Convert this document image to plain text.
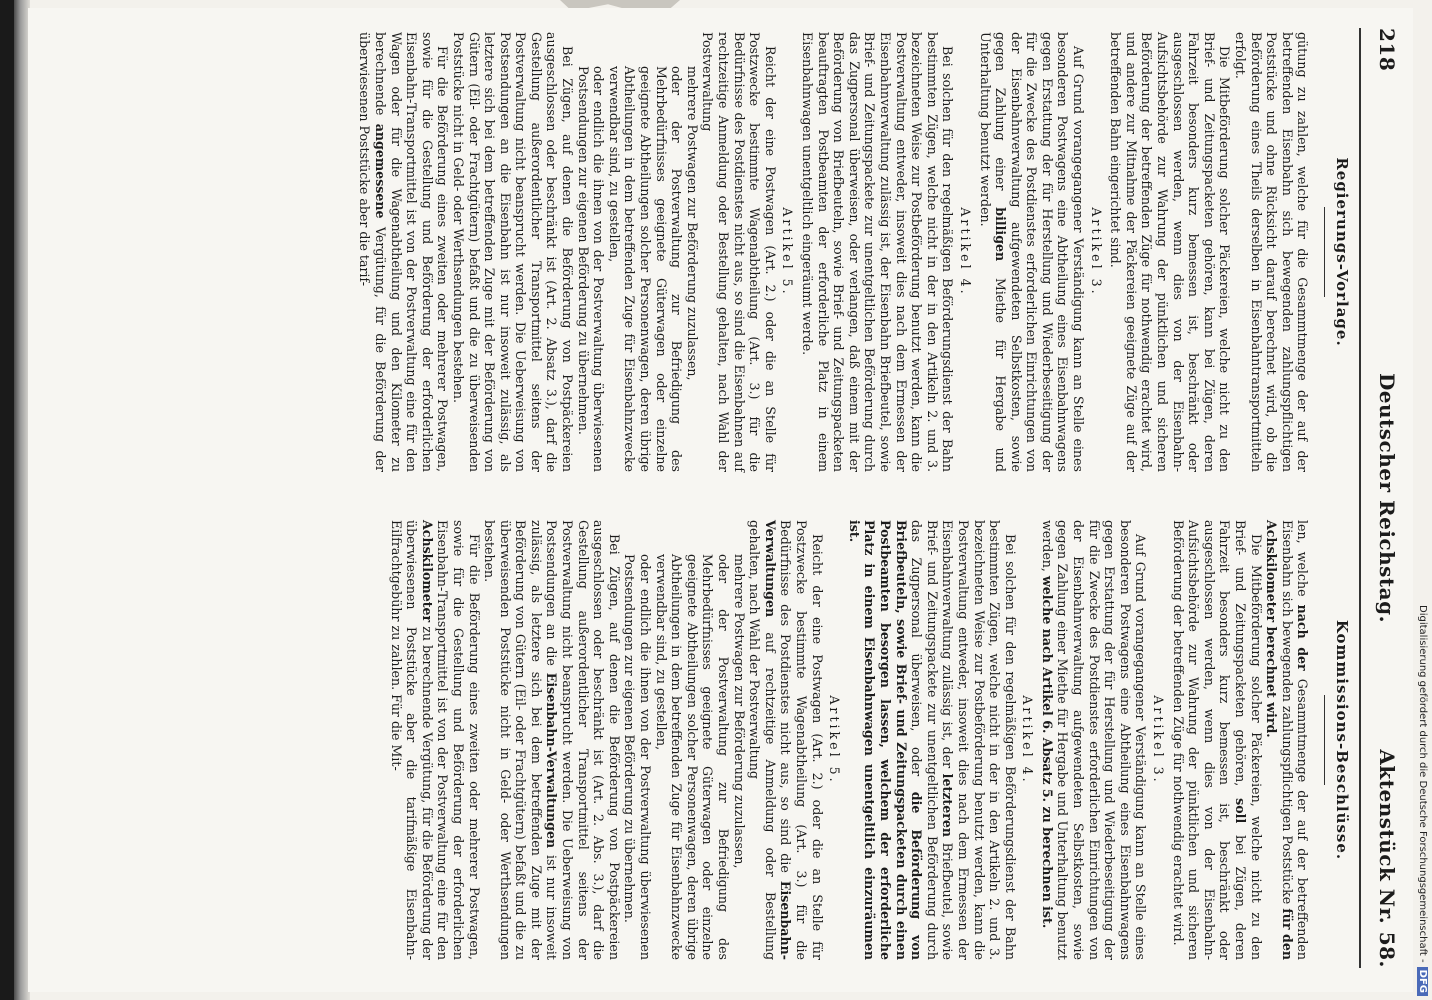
218
Deutscher Reichstag.
Aktenstück Nr. 58.
Regierungs-Vorlage.

gütung zu zahlen, welche für die Gesammtmenge der auf der betreffenden Eisenbahn sich bewegenden zahlungspflichtigen Poststücke und ohne Rücksicht darauf berechnet wird, ob die Beförderung eines Theils derselben in Eisenbahntransportmitteln erfolgt.

Die Mitbeförderung solcher Päckereien, welche nicht zu den Brief- und Zeitungspacketen gehören, kann bei Zügen, deren Fahrzeit besonders kurz bemessen ist, beschränkt oder ausgeschlossen werden, wenn dies von der Eisenbahn-Aufsichtsbehörde zur Wahrung der pünktlichen und sicheren Beförderung der betreffenden Züge für nothwendig erachtet wird, und andere zur Mitnahme der Päckereien geeignete Züge auf der betreffenden Bahn eingerichtet sind.

Artikel 3.

Auf Grund vorangegangener Verständigung kann an Stelle eines besonderen Postwagens eine Abtheilung eines Eisenbahnwagens gegen Erstattung der für Herstellung und Wiederbeseitigung der für die Zwecke des Postdienstes erforderlichen Einrichtungen von der Eisenbahnverwaltung aufgewendeten Selbstkosten, sowie gegen Zahlung einer billigen Miethe für Hergabe und Unterhaltung benutzt werden.

Artikel 4.

Bei solchen für den regelmäßigen Beförderungsdienst der Bahn bestimmten Zügen, welche nicht in der in den Artikeln 2. und 3. bezeichneten Weise zur Postbeförderung benutzt werden, kann die Postverwaltung entweder, insoweit dies nach dem Ermessen der Eisenbahnverwaltung zulässig ist, der Eisenbahn Briefbeutel, sowie Brief- und Zeitungspackete zur unentgeltlichen Beförderung durch das Zugpersonal überweisen, oder verlangen, daß einem mit der Beförderung von Briefbeuteln, sowie Brief- und Zeitungspacketen beauftragten Postbeamten der erforderliche Platz in einem Eisenbahnwagen unentgeltlich eingeräumt werde.

Artikel 5.

Reicht der eine Postwagen (Art. 2.) oder die an Stelle für Postzwecke bestimmte Wagenabtheilung (Art. 3.) für die Bedürfnisse des Postdienstes nicht aus, so sind die Eisenbahnen auf rechtzeitige Anmeldung oder Bestellung gehalten, nach Wahl der Postverwaltung

mehrere Postwagen zur Beförderung zuzulassen,

oder der Postverwaltung zur Befriedigung des Mehrbedürfnisses geeignete Güterwagen oder einzelne geeignete Abtheilungen solcher Personenwagen, deren übrige Abtheilungen in dem betreffenden Zuge für Eisenbahnzwecke verwendbar sind, zu gestellen,

oder endlich die ihnen von der Postverwaltung überwiesenen Postsendungen zur eigenen Beförderung zu übernehmen.

Bei Zügen, auf denen die Beförderung von Postpäckereien ausgeschlossen oder beschränkt ist (Art. 2. Absatz 3.), darf die Gestellung außerordentlicher Transportmittel seitens der Postverwaltung nicht beansprucht werden. Die Ueberweisung von Postsendungen an die Eisenbahn ist nur insoweit zulässig, als letztere sich bei dem betreffenden Zuge mit der Beförderung von Gütern (Eil- oder Frachtgütern) befaßt und die zu überweisenden Poststücke nicht in Geld- oder Werthsendungen bestehen.

Für die Beförderung eines zweiten oder mehrerer Postwagen, sowie für die Gestellung und Beförderung der erforderlichen Eisenbahn-Transportmittel ist von der Postverwaltung eine für den Wagen oder für die Wagenabtheilung und den Kilometer zu berechnende angemessene Vergütung, für die Beförderung der überwiesenen Poststücke aber die tarif-

Kommissions-Beschlüsse.

len, welche nach der Gesammtmenge der auf der betreffenden Eisenbahn sich bewegenden zahlungspflichtigen Poststücke für den Achskilometer berechnet wird.

Die Mitbeförderung solcher Päckereien, welche nicht zu den Brief- und Zeitungspacketen gehören, soll bei Zügen, deren Fahrzeit besonders kurz bemessen ist, beschränkt oder ausgeschlossen werden, wenn dies von der Eisenbahn-Aufsichtsbehörde zur Wahrung der pünktlichen und sicheren Beförderung der betreffenden Züge für nothwendig erachtet wird.

Artikel 3.

Auf Grund vorangegangener Verständigung kann an Stelle eines besonderen Postwagens eine Abtheilung eines Eisenbahnwagens gegen Erstattung der für Herstellung und Wiederbeseitigung der für die Zwecke des Postdienstes erforderlichen Einrichtungen von der Eisenbahnverwaltung aufgewendeten Selbstkosten, sowie gegen Zahlung einer Miethe für Hergabe und Unterhaltung benutzt werden, welche nach Artikel 6. Absatz 5. zu berechnen ist.

Artikel 4.

Bei solchen für den regelmäßigen Beförderungsdienst der Bahn bestimmten Zügen, welche nicht in der in den Artikeln 2. und 3. bezeichneten Weise zur Postbeförderung benutzt werden, kann die Postverwaltung entweder, insoweit dies nach dem Ermessen der Eisenbahnverwaltung zulässig ist, der letzteren Briefbeutel, sowie Brief- und Zeitungspackete zur unentgeltlichen Beförderung durch das Zugpersonal überweisen, oder die Beförderung von Briefbeuteln, sowie Brief- und Zeitungspacketen durch einen Postbeamten besorgen lassen, welchem der erforderliche Platz in einem Eisenbahnwagen unentgeltlich einzuräumen ist.

Artikel 5.

Reicht der eine Postwagen (Art. 2.) oder die an Stelle für Postzwecke bestimmte Wagenabtheilung (Art. 3.) für die Bedürfnisse des Postdienstes nicht aus, so sind die Eisenbahn-Verwaltungen auf rechtzeitige Anmeldung oder Bestellung gehalten, nach Wahl der Postverwaltung

mehrere Postwagen zur Beförderung zuzulassen,

oder der Postverwaltung zur Befriedigung des Mehrbedürfnisses geeignete Güterwagen oder einzelne geeignete Abtheilungen solcher Personenwagen, deren übrige Abtheilungen in dem betreffenden Zuge für Eisenbahnzwecke verwendbar sind, zu gestellen,

oder endlich die ihnen von der Postverwaltung überwiesenen Postsendungen zur eigenen Beförderung zu übernehmen.

Bei Zügen, auf denen die Beförderung von Postpäckereien ausgeschlossen oder beschränkt ist (Art. 2. Abs. 3.), darf die Gestellung außerordentlicher Transportmittel seitens der Postverwaltung nicht beansprucht werden. Die Ueberweisung von Postsendungen an die Eisenbahn-Verwaltungen ist nur insoweit zulässig, als letztere sich bei dem betreffenden Zuge mit der Beförderung von Gütern (Eil- oder Frachtgütern) befaßt und die zu überweisenden Poststücke nicht in Geld- oder Werthsendungen bestehen.

Für die Beförderung eines zweiten oder mehrerer Postwagen, sowie für die Gestellung und Beförderung der erforderlichen Eisenbahn-Transportmittel ist von der Postverwaltung eine für den Achskilometer zu berechnende Vergütung, für die Beförderung der überwiesenen Poststücke aber die tarifmäßige Eisenbahn-Eilfrachtgebühr zu zahlen. Für die Mit-	Digitalisierung gefördert durch die Deutsche Forschungsgemeinschaft -DFG
